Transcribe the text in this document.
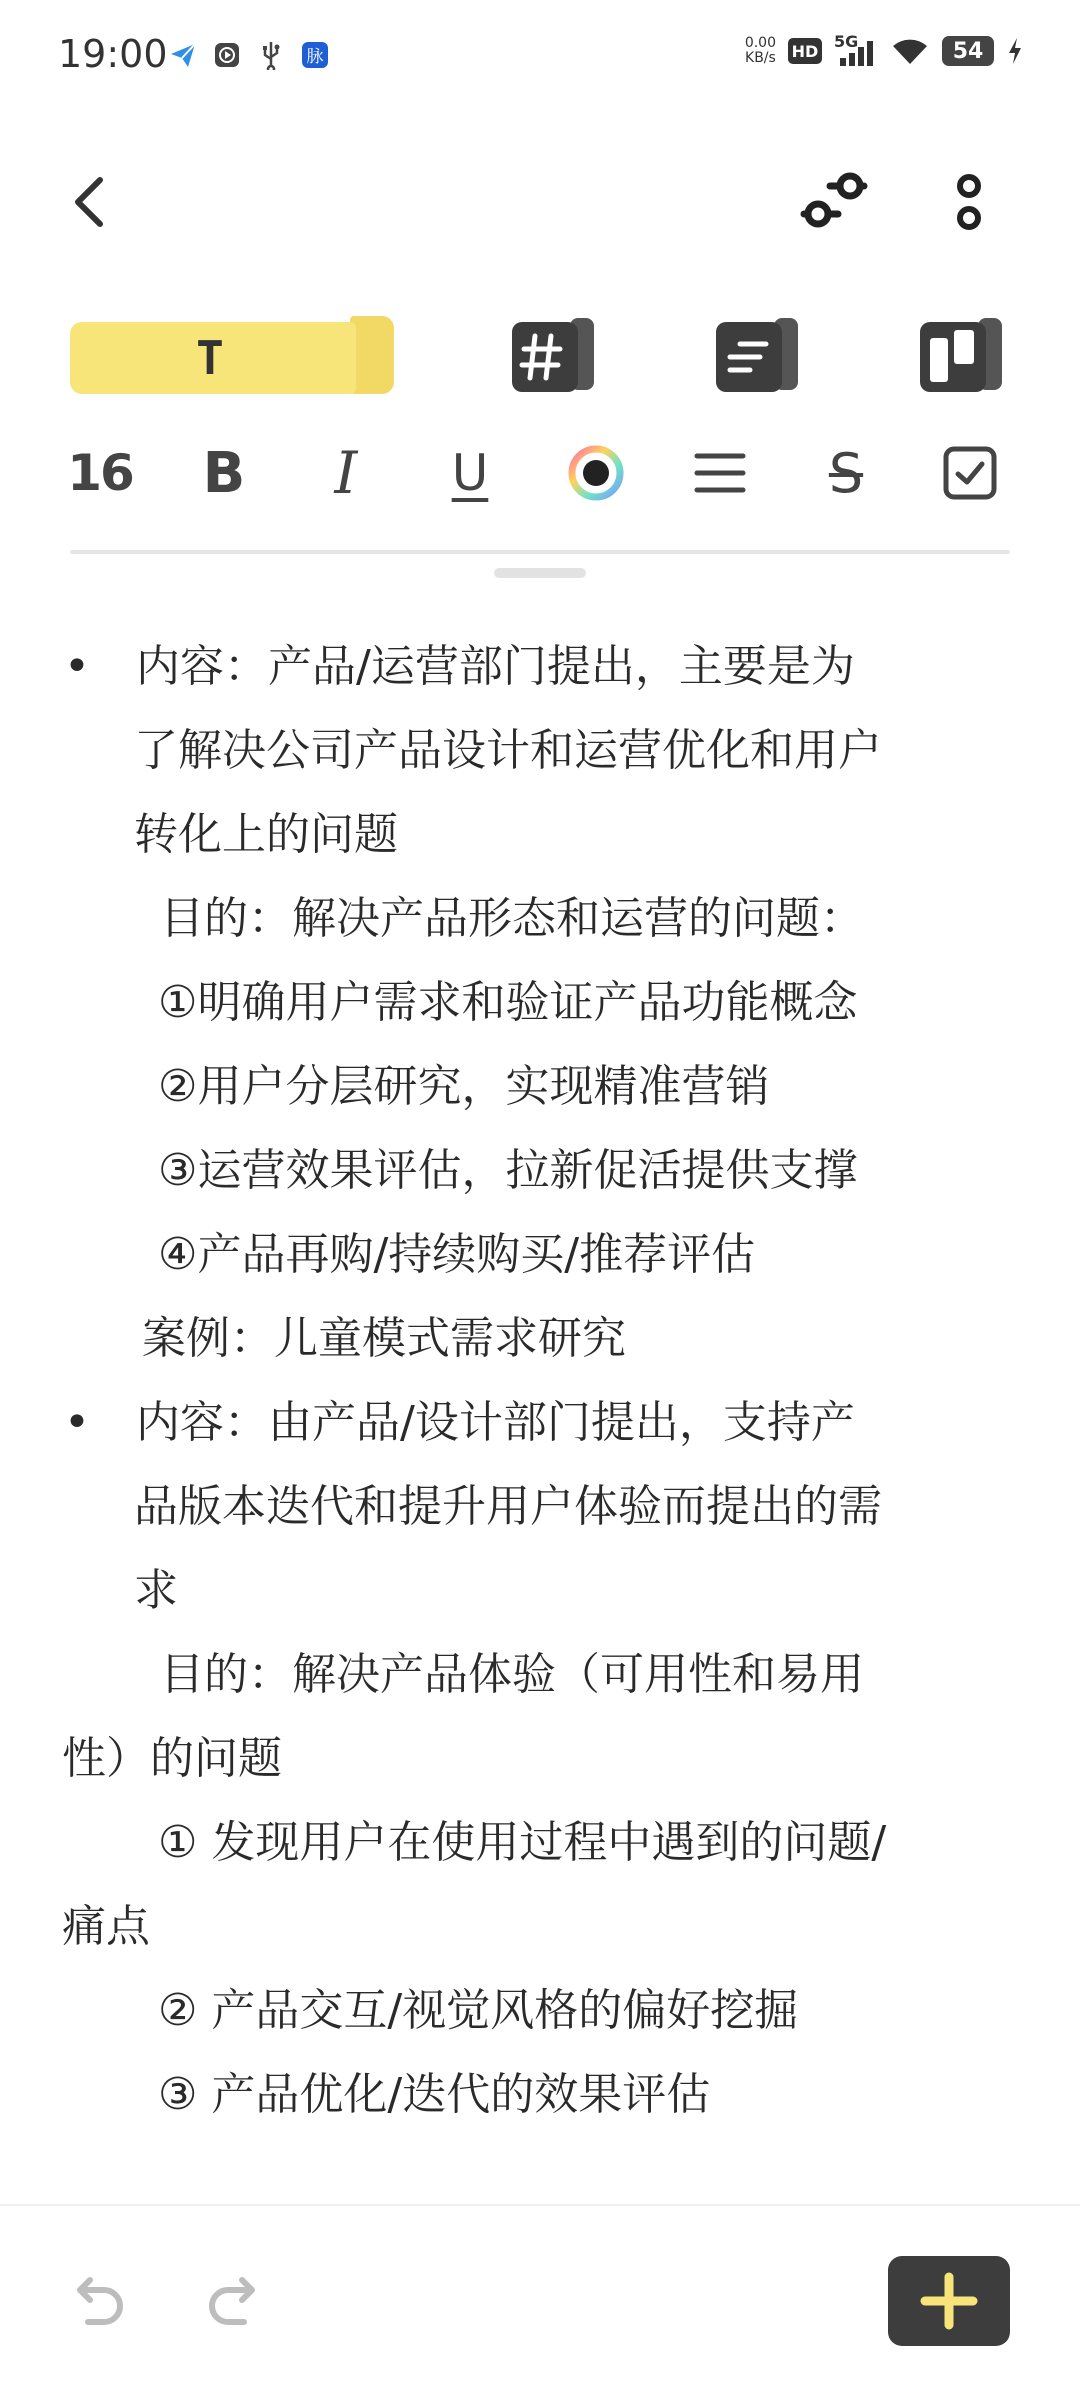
19:00	脉
0.00
KB/s HD 5G	54
T
16	B	I	U	S
• 内容：产品/运营部门提出，主要是为
了解决公司产品设计和运营优化和用户
转化上的问题
目的：解决产品形态和运营的问题：
①明确用户需求和验证产品功能概念
②用户分层研究，实现精准营销
③运营效果评估，拉新促活提供支撑
④产品再购/持续购买/推荐评估
案例：儿童模式需求研究
• 内容：由产品/设计部门提出，支持产
品版本迭代和提升用户体验而提出的需
求
目的：解决产品体验（可用性和易用
性）的问题
① 发现用户在使用过程中遇到的问题/
痛点
② 产品交互/视觉风格的偏好挖掘
③ 产品优化/迭代的效果评估
